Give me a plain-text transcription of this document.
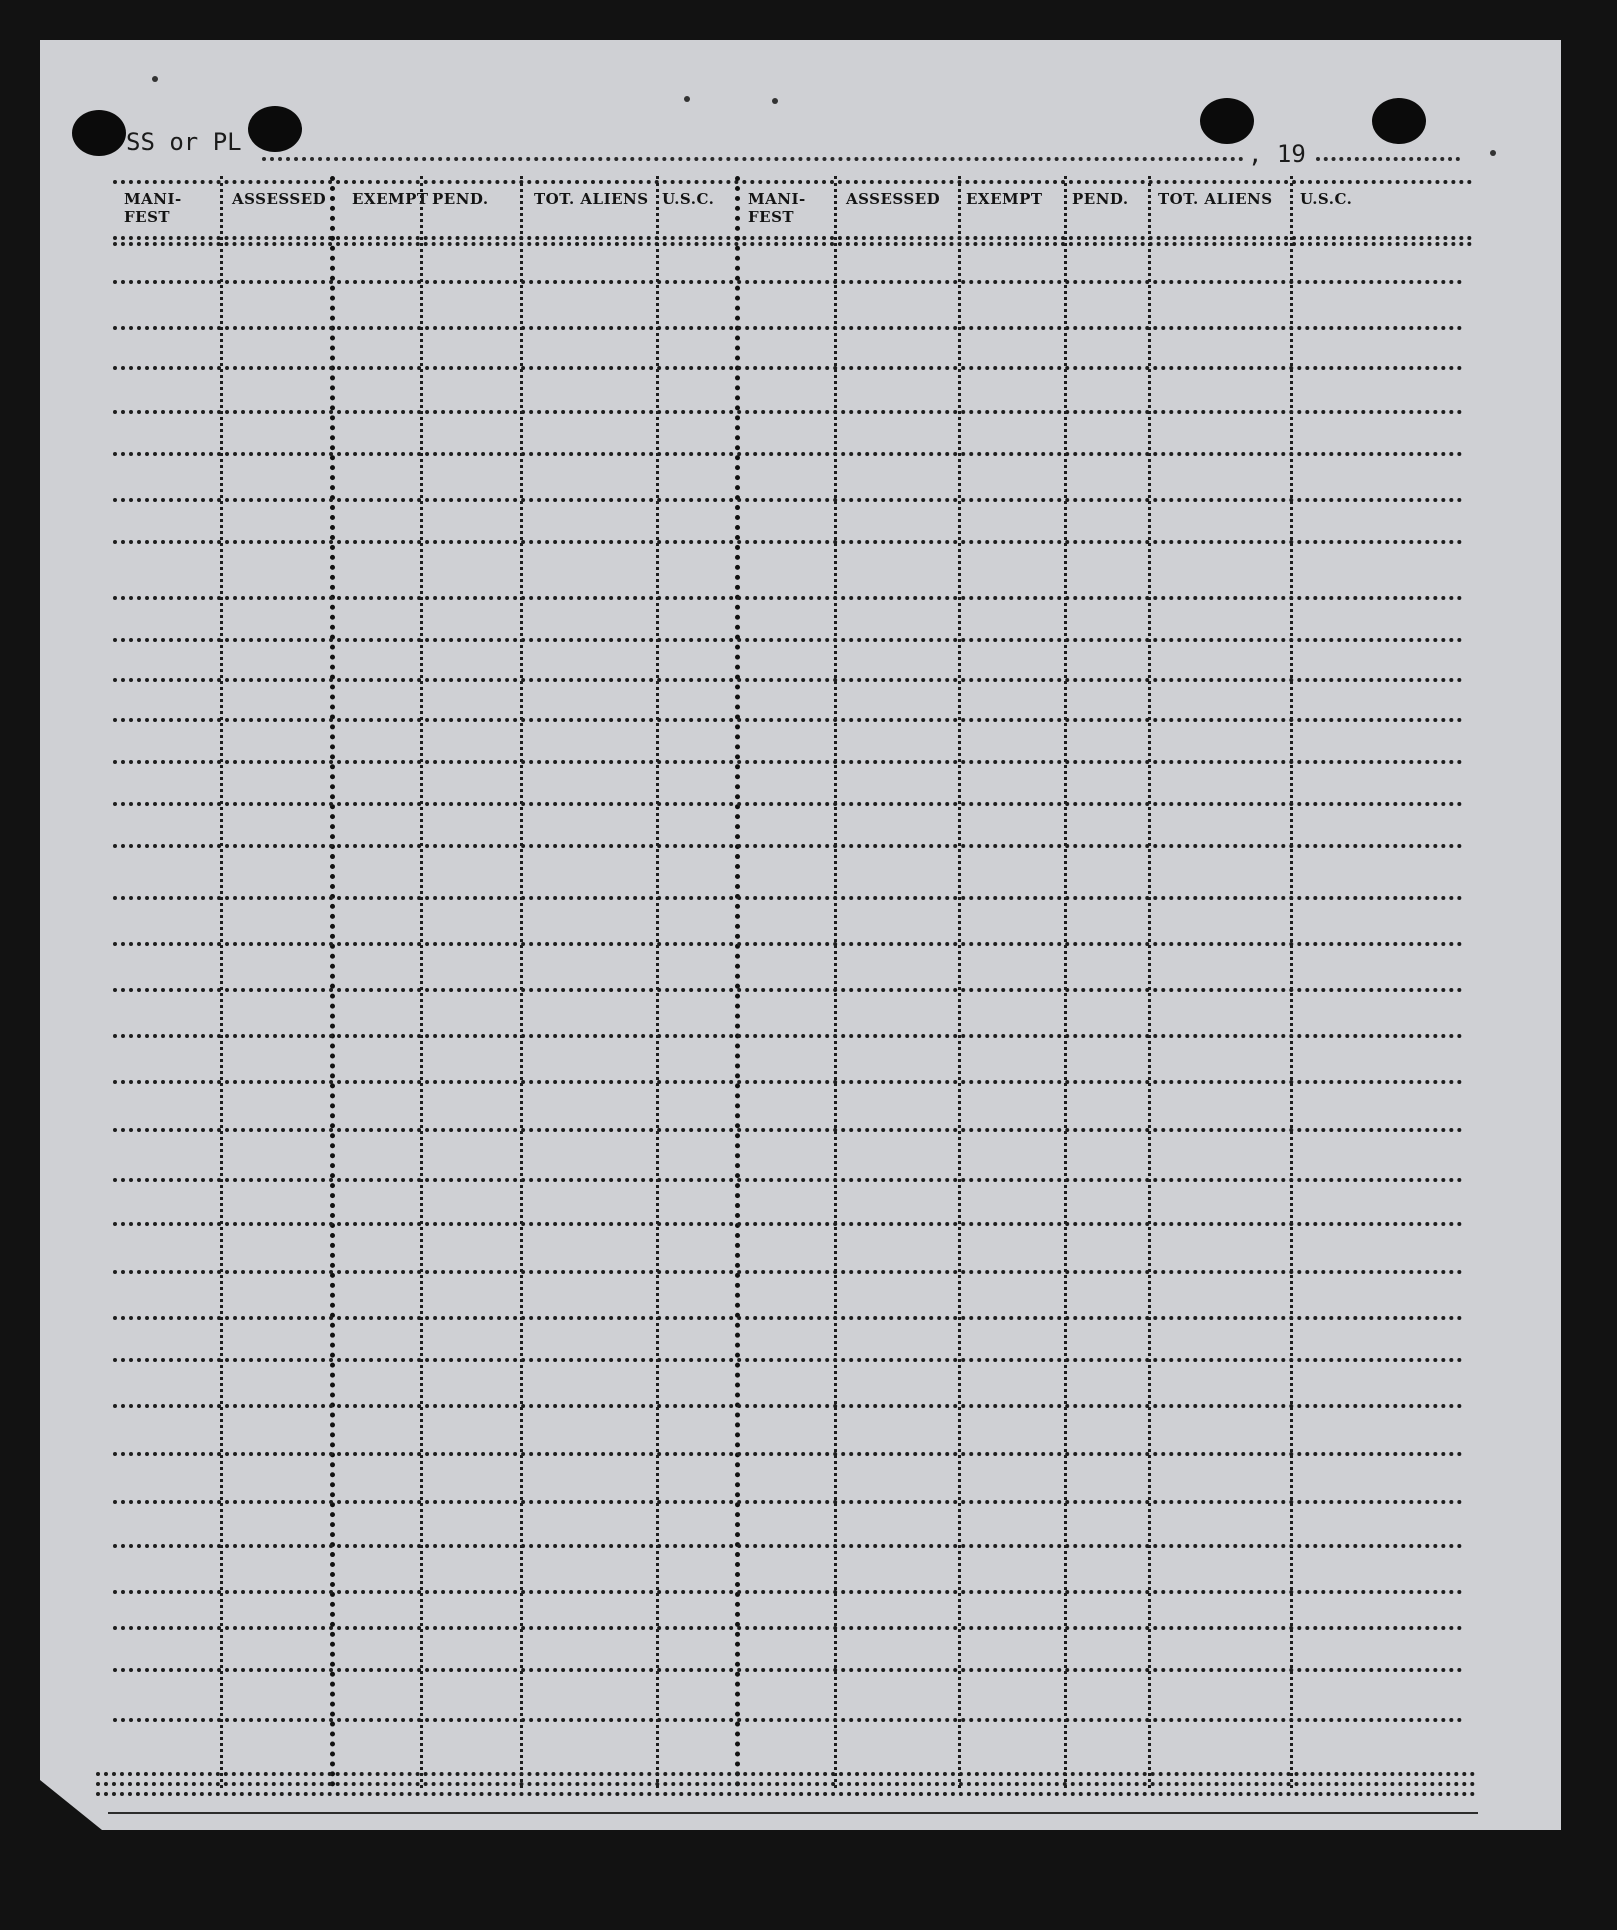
SS or PL	, 19
MANI-
FEST
ASSESSED EXEMPT PEND.	TOT. ALIENS U.S.C. MANI-
FEST
ASSESSED EXEMPT PEND. TOT. ALIENS U.S.C.
